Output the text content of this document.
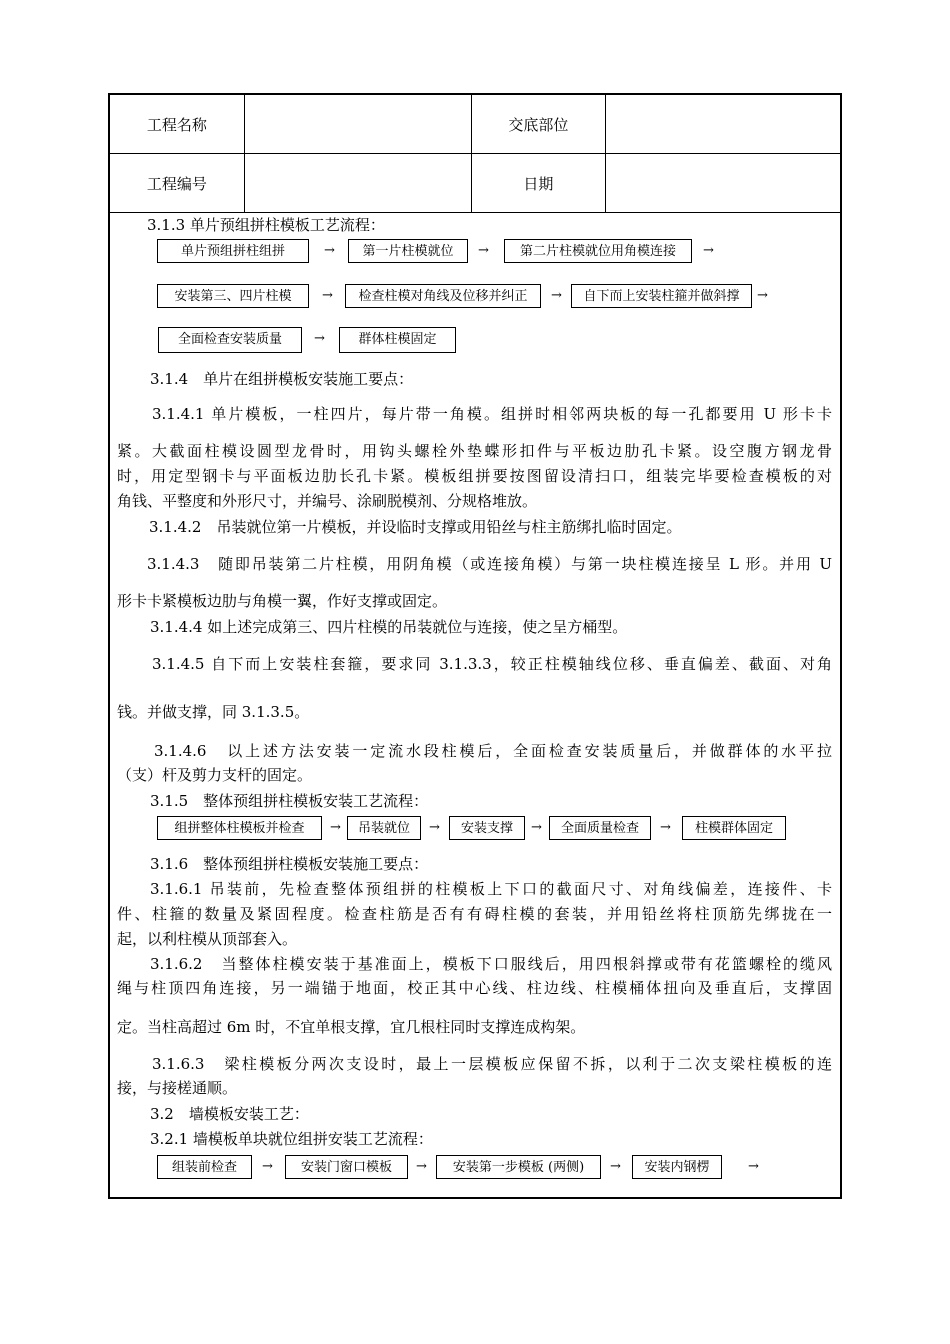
工程名称		交底部位	
工程编号		日期	
3.1.3 单片预组拼柱模板工艺流程：
单片预组拼柱组拼	→	第一片柱模就位	→	第二片柱模就位用角模连接	→
安装第三、四片柱模	→	检查柱模对角线及位移并纠正	→	自下而上安装柱箍并做斜撑	→
全面检查安装质量	→	群体柱模固定
3.1.4　单片在组拼模板安装施工要点：
3.1.4.1 单片模板，一柱四片，每片带一角模。组拼时相邻两块板的每一孔都要用 U 形卡卡
紧。大截面柱模设圆型龙骨时，用钩头螺栓外垫蝶形扣件与平板边肋孔卡紧。设空腹方钢龙骨
时，用定型钢卡与平面板边肋长孔卡紧。模板组拼要按图留设清扫口，组装完毕要检查模板的对
角钱、平整度和外形尺寸，并编号、涂刷脱模剂、分规格堆放。
3.1.4.2　吊装就位第一片模板，并设临时支撑或用铅丝与柱主筋绑扎临时固定。
3.1.4.3　随即吊装第二片柱模，用阴角模（或连接角模）与第一块柱模连接呈 L 形。并用 U
形卡卡紧模板边肋与角模一翼，作好支撑或固定。
3.1.4.4 如上述完成第三、四片柱模的吊装就位与连接，使之呈方桶型。
3.1.4.5 自下而上安装柱套箍，要求同 3.1.3.3，较正柱模轴线位移、垂直偏差、截面、对角
钱。并做支撑，同 3.1.3.5。
3.1.4.6　以上述方法安装一定流水段柱模后，全面检查安装质量后，并做群体的水平拉
（支）杆及剪力支杆的固定。
3.1.5　整体预组拼柱模板安装工艺流程：
组拼整体柱模板并检查	→	吊装就位	→	安装支撑	→	全面质量检查	→	柱模群体固定
3.1.6　整体预组拼柱模板安装施工要点：
3.1.6.1 吊装前，先检查整体预组拼的柱模板上下口的截面尺寸、对角线偏差，连接件、卡
件、柱箍的数量及紧固程度。检查柱筋是否有有碍柱模的套装，并用铅丝将柱顶筋先绑拢在一
起，以利柱模从顶部套入。
3.1.6.2　当整体柱模安装于基准面上，模板下口服线后，用四根斜撑或带有花篮螺栓的缆风
绳与柱顶四角连接，另一端锚于地面，校正其中心线、柱边线、柱模桶体扭向及垂直后，支撑固
定。当柱高超过 6m 时，不宜单根支撑，宜几根柱同时支撑连成构架。
3.1.6.3　梁柱模板分两次支设时，最上一层模板应保留不拆，以利于二次支梁柱模板的连
接，与接槎通顺。
3.2　墙模板安装工艺：
3.2.1 墙模板单块就位组拼安装工艺流程：
组装前检查	→	安装门窗口模板	→	安装第一步模板 (两侧)	→	安装内钢楞	→
